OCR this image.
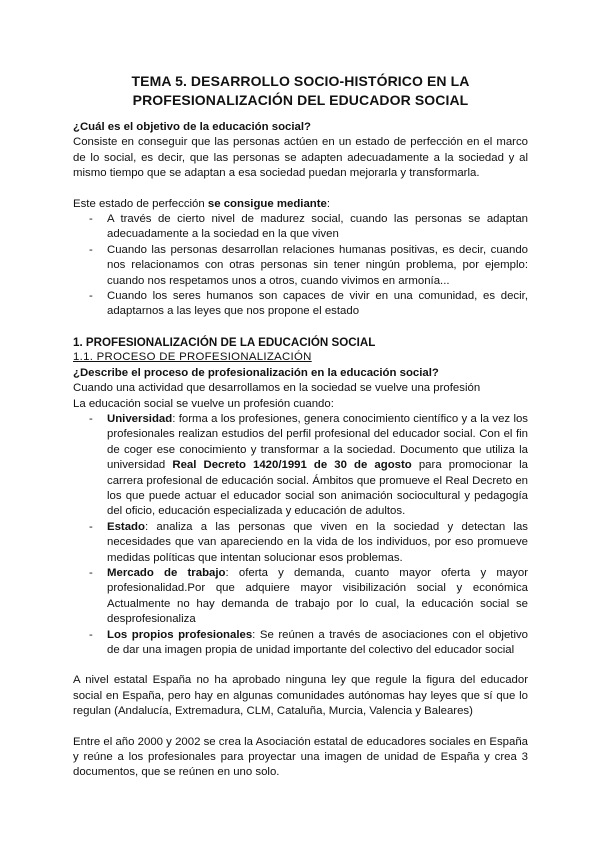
TEMA 5. DESARROLLO SOCIO-HISTÓRICO EN LA
PROFESIONALIZACIÓN DEL EDUCADOR SOCIAL

¿Cuál es el objetivo de la educación social?

Consiste en conseguir que las personas actúen en un estado de perfección en el marco de lo social, es decir, que las personas se adapten adecuadamente a la sociedad y al mismo tiempo que se adaptan a esa sociedad puedan mejorarla y transformarla.

Este estado de perfección se consigue mediante:

- A través de cierto nivel de madurez social, cuando las personas se adaptan adecuadamente a la sociedad en la que viven
- Cuando las personas desarrollan relaciones humanas positivas, es decir, cuando nos relacionamos con otras personas sin tener ningún problema, por ejemplo: cuando nos respetamos unos a otros, cuando vivimos en armonía...
- Cuando los seres humanos son capaces de vivir en una comunidad, es decir, adaptarnos a las leyes que nos propone el estado

1. PROFESIONALIZACIÓN DE LA EDUCACIÓN SOCIAL

1.1. PROCESO DE PROFESIONALIZACIÓN

¿Describe el proceso de profesionalización en la educación social?

Cuando una actividad que desarrollamos en la sociedad se vuelve una profesión

La educación social se vuelve un profesión cuando:

- Universidad: forma a los profesiones, genera conocimiento científico y a la vez los profesionales realizan estudios del perfil profesional del educador social. Con el fin de coger ese conocimiento y transformar a la sociedad. Documento que utiliza la universidad Real Decreto 1420/1991 de 30 de agosto para promocionar la carrera profesional de educación social. Ámbitos que promueve el Real Decreto en los que puede actuar el educador social son animación sociocultural y pedagogía del oficio, educación especializada y educación de adultos.
- Estado: analiza a las personas que viven en la sociedad y detectan las necesidades que van apareciendo en la vida de los individuos, por eso promueve medidas políticas que intentan solucionar esos problemas.
- Mercado de trabajo: oferta y demanda, cuanto mayor oferta y mayor profesionalidad.Por que adquiere mayor visibilización social y económica Actualmente no hay demanda de trabajo por lo cual, la educación social se desprofesionaliza
- Los propios profesionales: Se reúnen a través de asociaciones con el objetivo de dar una imagen propia de unidad importante del colectivo del educador social

A nivel estatal España no ha aprobado ninguna ley que regule la figura del educador social en España, pero hay en algunas comunidades autónomas hay leyes que sí que lo regulan (Andalucía, Extremadura, CLM, Cataluña, Murcia, Valencia y Baleares)

Entre el año 2000 y 2002 se crea la Asociación estatal de educadores sociales en España y reúne a los profesionales para proyectar una imagen de unidad de España y crea 3 documentos, que se reúnen en uno solo.
